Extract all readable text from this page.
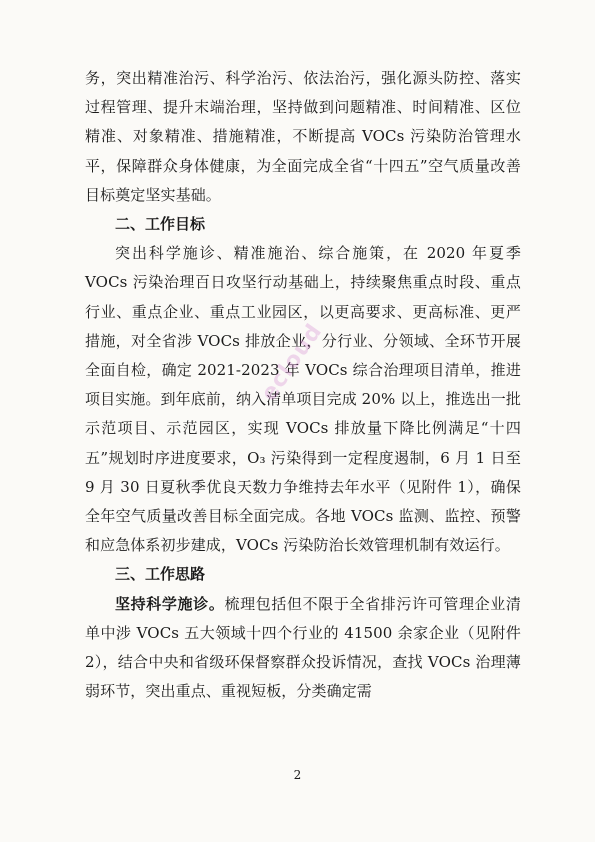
务，突出精准治污、科学治污、依法治污，强化源头防控、落实过程管理、提升末端治理，坚持做到问题精准、时间精准、区位精准、对象精准、措施精准，不断提高 VOCs 污染防治管理水平，保障群众身体健康，为全面完成全省“十四五”空气质量改善目标奠定坚实基础。

二、工作目标

突出科学施诊、精准施治、综合施策，在 2020 年夏季 VOCs 污染治理百日攻坚行动基础上，持续聚焦重点时段、重点行业、重点企业、重点工业园区，以更高要求、更高标准、更严措施，对全省涉 VOCs 排放企业，分行业、分领域、全环节开展全面自检，确定 2021-2023 年 VOCs 综合治理项目清单，推进项目实施。到年底前，纳入清单项目完成 20% 以上，推选出一批示范项目、示范园区，实现 VOCs 排放量下降比例满足“十四五”规划时序进度要求，O₃ 污染得到一定程度遏制，6 月 1 日至 9 月 30 日夏秋季优良天数力争维持去年水平（见附件 1），确保全年空气质量改善目标全面完成。各地 VOCs 监测、监控、预警和应急体系初步建成，VOCs 污染防治长效管理机制有效运行。

三、工作思路

坚持科学施诊。梳理包括但不限于全省排污许可管理企业清单中涉 VOCs 五大领域十四个行业的 41500 余家企业（见附件 2），结合中央和省级环保督察群众投诉情况，查找 VOCs 治理薄弱环节，突出重点、重视短板，分类确定需

ecloud
2
